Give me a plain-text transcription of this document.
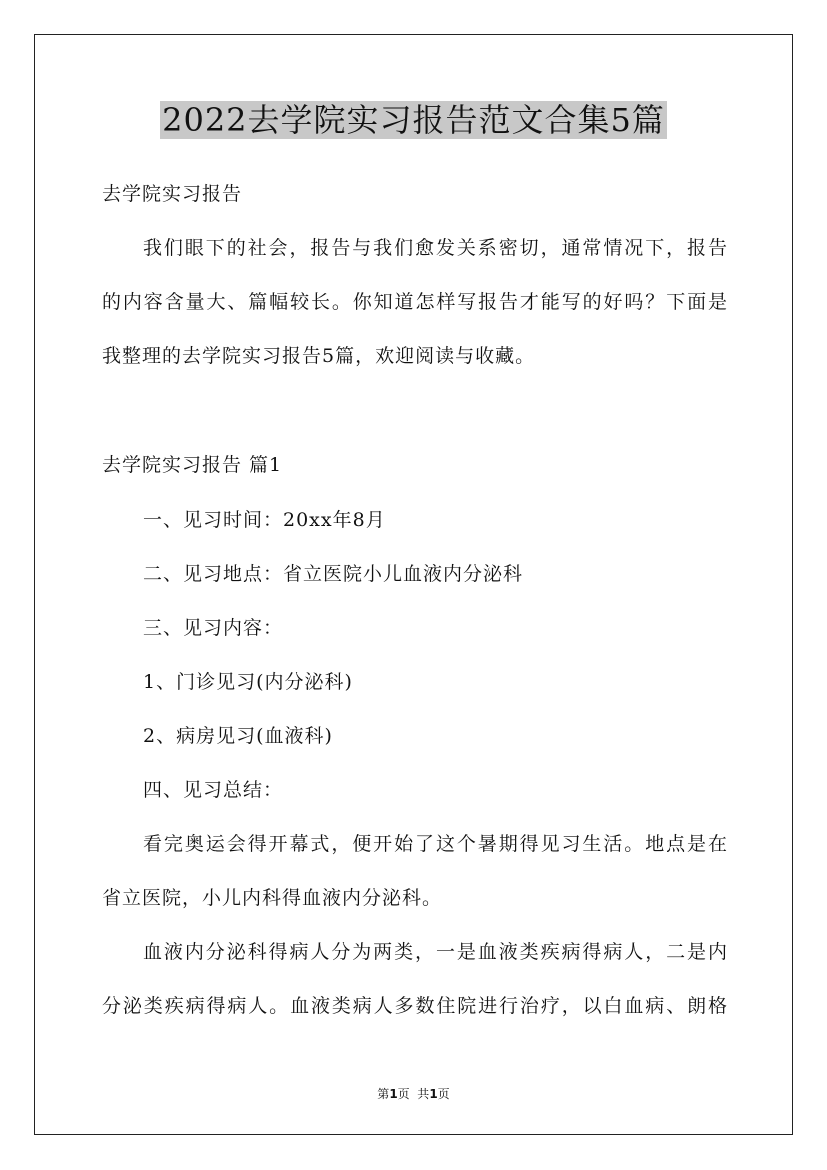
2022去学院实习报告范文合集5篇
去学院实习报告
我们眼下的社会，报告与我们愈发关系密切，通常情况下，报告
的内容含量大、篇幅较长。你知道怎样写报告才能写的好吗？下面是
我整理的去学院实习报告5篇，欢迎阅读与收藏。
去学院实习报告 篇1
一、见习时间：20xx年8月
二、见习地点：省立医院小儿血液内分泌科
三、见习内容：
1、门诊见习(内分泌科)
2、病房见习(血液科)
四、见习总结：
看完奥运会得开幕式，便开始了这个暑期得见习生活。地点是在
省立医院，小儿内科得血液内分泌科。
血液内分泌科得病人分为两类，一是血液类疾病得病人，二是内
分泌类疾病得病人。血液类病人多数住院进行治疗，以白血病、朗格
第1页  共1页
